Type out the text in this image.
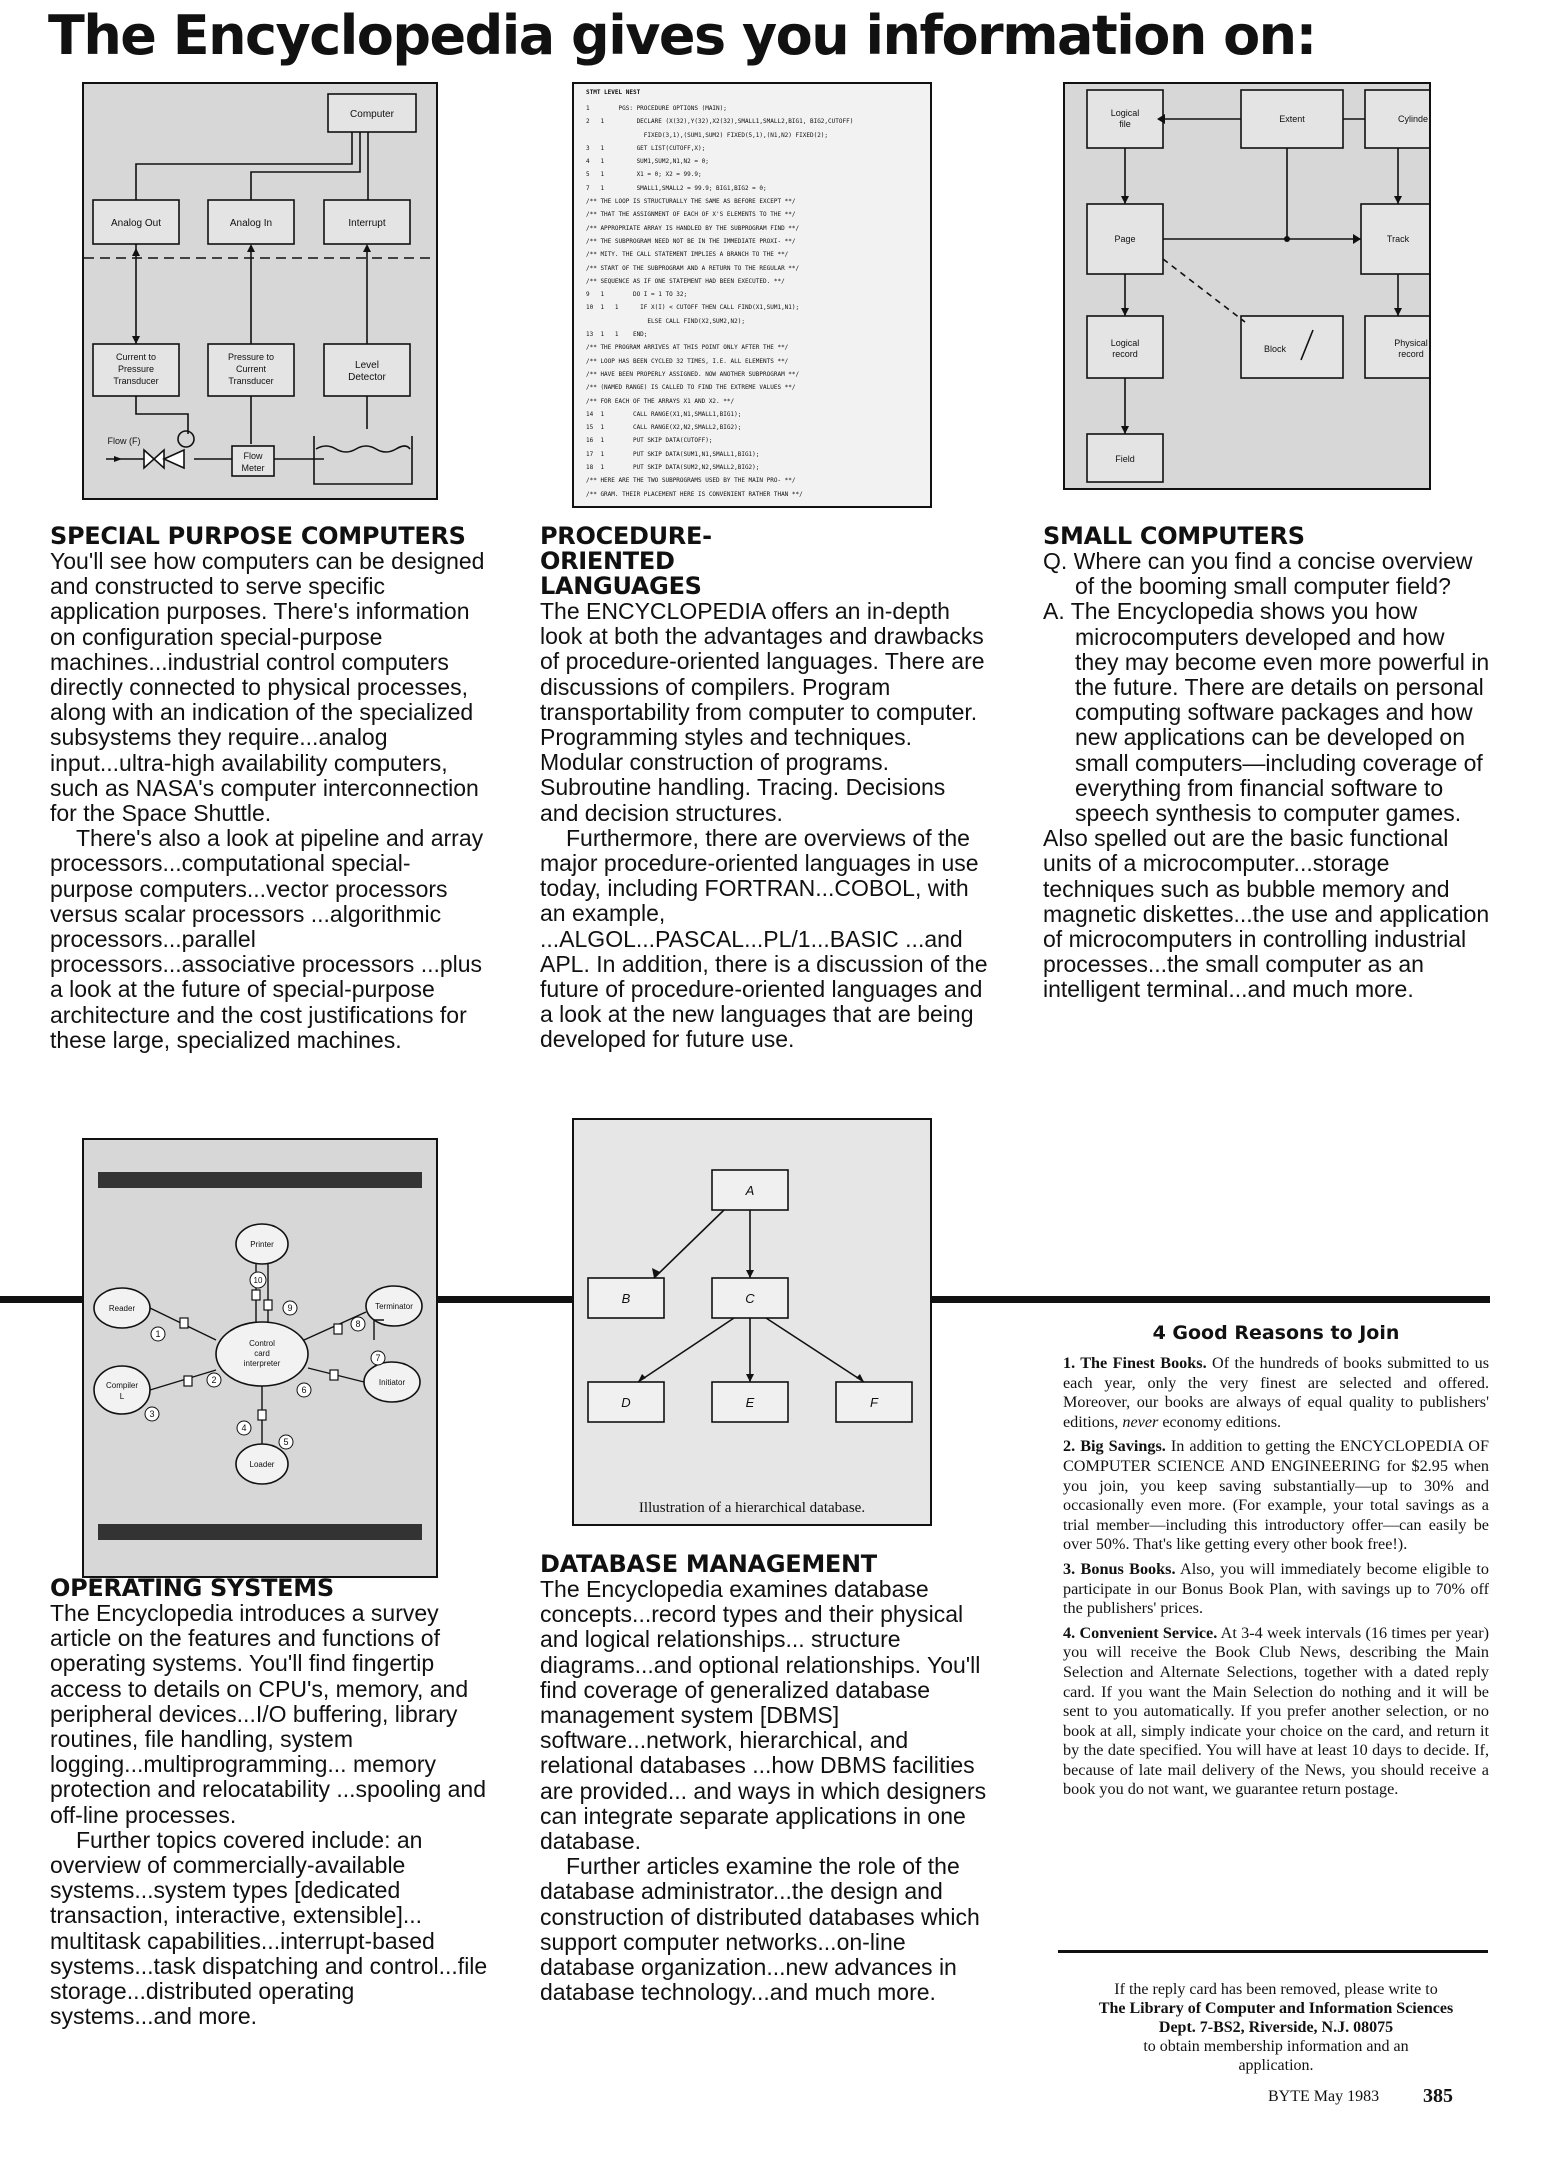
The Encyclopedia gives you information on:
Computer
Analog Out	Analog In	Interrupt
Current to
Pressure
Transducer
Pressure to
Current
Transducer
Level
Detector
Flow
Meter
Flow (F)
STMT LEVEL NEST
1        PGS: PROCEDURE OPTIONS (MAIN);
2   1         DECLARE (X(32),Y(32),X2(32),SMALL1,SMALL2,BIG1, BIG2,CUTOFF)
FIXED(3,1),(SUM1,SUM2) FIXED(5,1),(N1,N2) FIXED(2);
3   1         GET LIST(CUTOFF,X);
4   1         SUM1,SUM2,N1,N2 = 0;
5   1         X1 = 0; X2 = 99.9;
7   1         SMALL1,SMALL2 = 99.9; BIG1,BIG2 = 0;
/** THE LOOP IS STRUCTURALLY THE SAME AS BEFORE EXCEPT **/
/** THAT THE ASSIGNMENT OF EACH OF X'S ELEMENTS TO THE **/
/** APPROPRIATE ARRAY IS HANDLED BY THE SUBPROGRAM FIND **/
/** THE SUBPROGRAM NEED NOT BE IN THE IMMEDIATE PROXI- **/
/** MITY. THE CALL STATEMENT IMPLIES A BRANCH TO THE **/
/** START OF THE SUBPROGRAM AND A RETURN TO THE REGULAR **/
/** SEQUENCE AS IF ONE STATEMENT HAD BEEN EXECUTED. **/
9   1        DO I = 1 TO 32;
10  1   1      IF X(I) < CUTOFF THEN CALL FIND(X1,SUM1,N1);
ELSE CALL FIND(X2,SUM2,N2);
13  1   1    END;
/** THE PROGRAM ARRIVES AT THIS POINT ONLY AFTER THE **/
/** LOOP HAS BEEN CYCLED 32 TIMES, I.E. ALL ELEMENTS **/
/** HAVE BEEN PROPERLY ASSIGNED. NOW ANOTHER SUBPROGRAM **/
/** (NAMED RANGE) IS CALLED TO FIND THE EXTREME VALUES **/
/** FOR EACH OF THE ARRAYS X1 AND X2. **/
14  1        CALL RANGE(X1,N1,SMALL1,BIG1);
15  1        CALL RANGE(X2,N2,SMALL2,BIG2);
16  1        PUT SKIP DATA(CUTOFF);
17  1        PUT SKIP DATA(SUM1,N1,SMALL1,BIG1);
18  1        PUT SKIP DATA(SUM2,N2,SMALL2,BIG2);
/** HERE ARE THE TWO SUBPROGRAMS USED BY THE MAIN PRO- **/
/** GRAM. THEIR PLACEMENT HERE IS CONVENIENT RATHER THAN **/
Logical
file	Extent	Cylinde
Page	Track
Logical
record	Block
Physical
record
Field
SPECIAL PURPOSE COMPUTERS

You'll see how computers can be designed and constructed to serve specific application purposes. There's information on configuration special-purpose machines...industrial control computers directly connected to physical processes, along with an indication of the specialized subsystems they require...analog input...ultra-high availability computers, such as NASA's computer interconnection for the Space Shuttle.

There's also a look at pipeline and array processors...computational special-purpose computers...vector processors versus scalar processors ...algorithmic processors...parallel processors...associative processors ...plus a look at the future of special-purpose architecture and the cost justifications for these large, specialized machines.

PROCEDURE-ORIENTED LANGUAGES

The ENCYCLOPEDIA offers an in-depth look at both the advantages and drawbacks of procedure-oriented languages. There are discussions of compilers. Program transportability from computer to computer. Programming styles and techniques. Modular construction of programs. Subroutine handling. Tracing. Decisions and decision structures.

Furthermore, there are overviews of the major procedure-oriented languages in use today, including FORTRAN...COBOL, with an example, ...ALGOL...PASCAL...PL/1...BASIC ...and APL. In addition, there is a discussion of the future of procedure-oriented languages and a look at the new languages that are being developed for future use.

SMALL COMPUTERS

Q. Where can you find a concise overview of the booming small computer field?

A. The Encyclopedia shows you how microcomputers developed and how they may become even more powerful in the future. There are details on personal computing software packages and how new applications can be developed on small computers—including coverage of everything from financial software to speech synthesis to computer games.

Also spelled out are the basic functional units of a microcomputer...storage techniques such as bubble memory and magnetic diskettes...the use and application of microcomputers in controlling industrial processes...the small computer as an intelligent terminal...and much more.

Printer
Reader	Terminator
Control
card
interpreter
Compiler
L
Initiator
Loader
1
2
3
4
5
6
7
8
9
10
A
B	C
D	E	F
Illustration of a hierarchical database.
OPERATING SYSTEMS

The Encyclopedia introduces a survey article on the features and functions of operating systems. You'll find fingertip access to details on CPU's, memory, and peripheral devices...I/O buffering, library routines, file handling, system logging...multiprogramming... memory protection and relocatability ...spooling and off-line processes.

Further topics covered include: an overview of commercially-available systems...system types [dedicated transaction, interactive, extensible]... multitask capabilities...interrupt-based systems...task dispatching and control...file storage...distributed operating systems...and more.

DATABASE MANAGEMENT

The Encyclopedia examines database concepts...record types and their physical and logical relationships... structure diagrams...and optional relationships. You'll find coverage of generalized database management system [DBMS] software...network, hierarchical, and relational databases ...how DBMS facilities are provided... and ways in which designers can integrate separate applications in one database.

Further articles examine the role of the database administrator...the design and construction of distributed databases which support computer networks...on-line database organization...new advances in database technology...and much more.

4 Good Reasons to Join

1. The Finest Books. Of the hundreds of books submitted to us each year, only the very finest are selected and offered. Moreover, our books are always of equal quality to publishers' editions, never economy editions.

2. Big Savings. In addition to getting the ENCYCLOPEDIA OF COMPUTER SCIENCE AND ENGINEERING for $2.95 when you join, you keep saving substantially—up to 30% and occasionally even more. (For example, your total savings as a trial member—including this introductory offer—can easily be over 50%. That's like getting every other book free!).

3. Bonus Books. Also, you will immediately become eligible to participate in our Bonus Book Plan, with savings up to 70% off the publishers' prices.

4. Convenient Service. At 3-4 week intervals (16 times per year) you will receive the Book Club News, describing the Main Selection and Alternate Selections, together with a dated reply card. If you want the Main Selection do nothing and it will be sent to you automatically. If you prefer another selection, or no book at all, simply indicate your choice on the card, and return it by the date specified. You will have at least 10 days to decide. If, because of late mail delivery of the News, you should receive a book you do not want, we guarantee return postage.

If the reply card has been removed, please write to
The Library of Computer and Information Sciences
Dept. 7-BS2, Riverside, N.J. 08075
to obtain membership information and an
application.
BYTE May 1983 385
